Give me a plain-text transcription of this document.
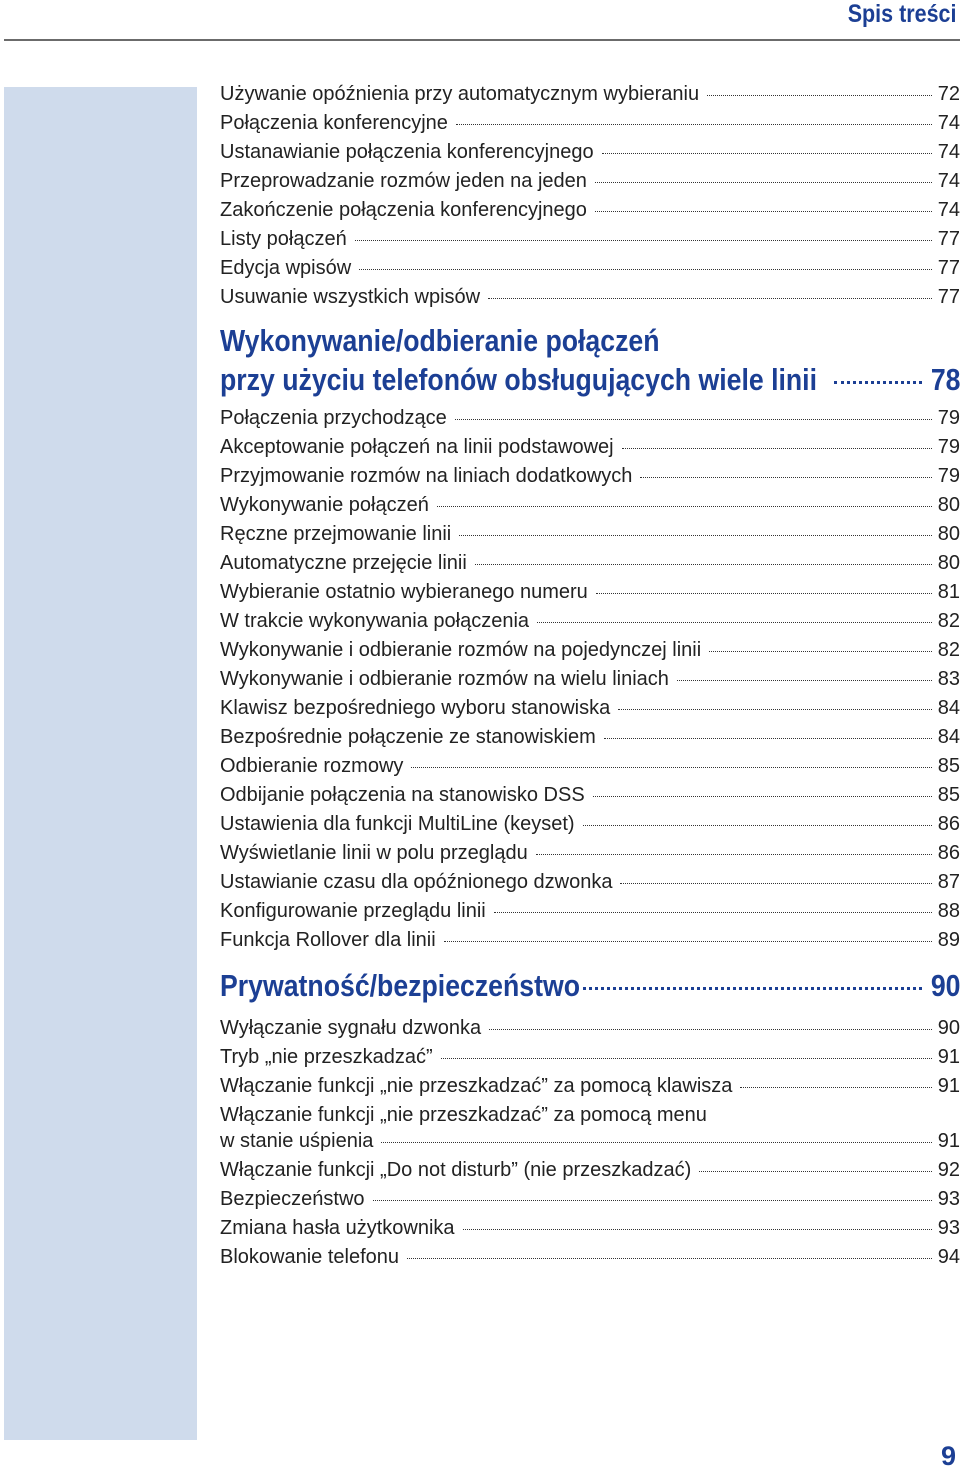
Spis treści
Używanie opóźnienia przy automatycznym wybieraniu	72
Połączenia konferencyjne	74
Ustanawianie połączenia konferencyjnego	74
Przeprowadzanie rozmów jeden na jeden	74
Zakończenie połączenia konferencyjnego	74
Listy połączeń	77
Edycja wpisów	77
Usuwanie wszystkich wpisów	77
Wykonywanie/odbieranie połączeń
przy użyciu telefonów obsługujących wiele linii	78
Połączenia przychodzące	79
Akceptowanie połączeń na linii podstawowej	79
Przyjmowanie rozmów na liniach dodatkowych	79
Wykonywanie połączeń	80
Ręczne przejmowanie linii	80
Automatyczne przejęcie linii	80
Wybieranie ostatnio wybieranego numeru	81
W trakcie wykonywania połączenia	82
Wykonywanie i odbieranie rozmów na pojedynczej linii	82
Wykonywanie i odbieranie rozmów na wielu liniach	83
Klawisz bezpośredniego wyboru stanowiska	84
Bezpośrednie połączenie ze stanowiskiem	84
Odbieranie rozmowy	85
Odbijanie połączenia na stanowisko DSS	85
Ustawienia dla funkcji MultiLine (keyset)	86
Wyświetlanie linii w polu przeglądu	86
Ustawianie czasu dla opóźnionego dzwonka	87
Konfigurowanie przeglądu linii	88
Funkcja Rollover dla linii	89
Prywatność/bezpieczeństwo	90
Wyłączanie sygnału dzwonka	90
Tryb „nie przeszkadzać”	91
Włączanie funkcji „nie przeszkadzać” za pomocą klawisza	91
Włączanie funkcji „nie przeszkadzać” za pomocą menu
w stanie uśpienia	91
Włączanie funkcji „Do not disturb” (nie przeszkadzać)	92
Bezpieczeństwo	93
Zmiana hasła użytkownika	93
Blokowanie telefonu	94
9
